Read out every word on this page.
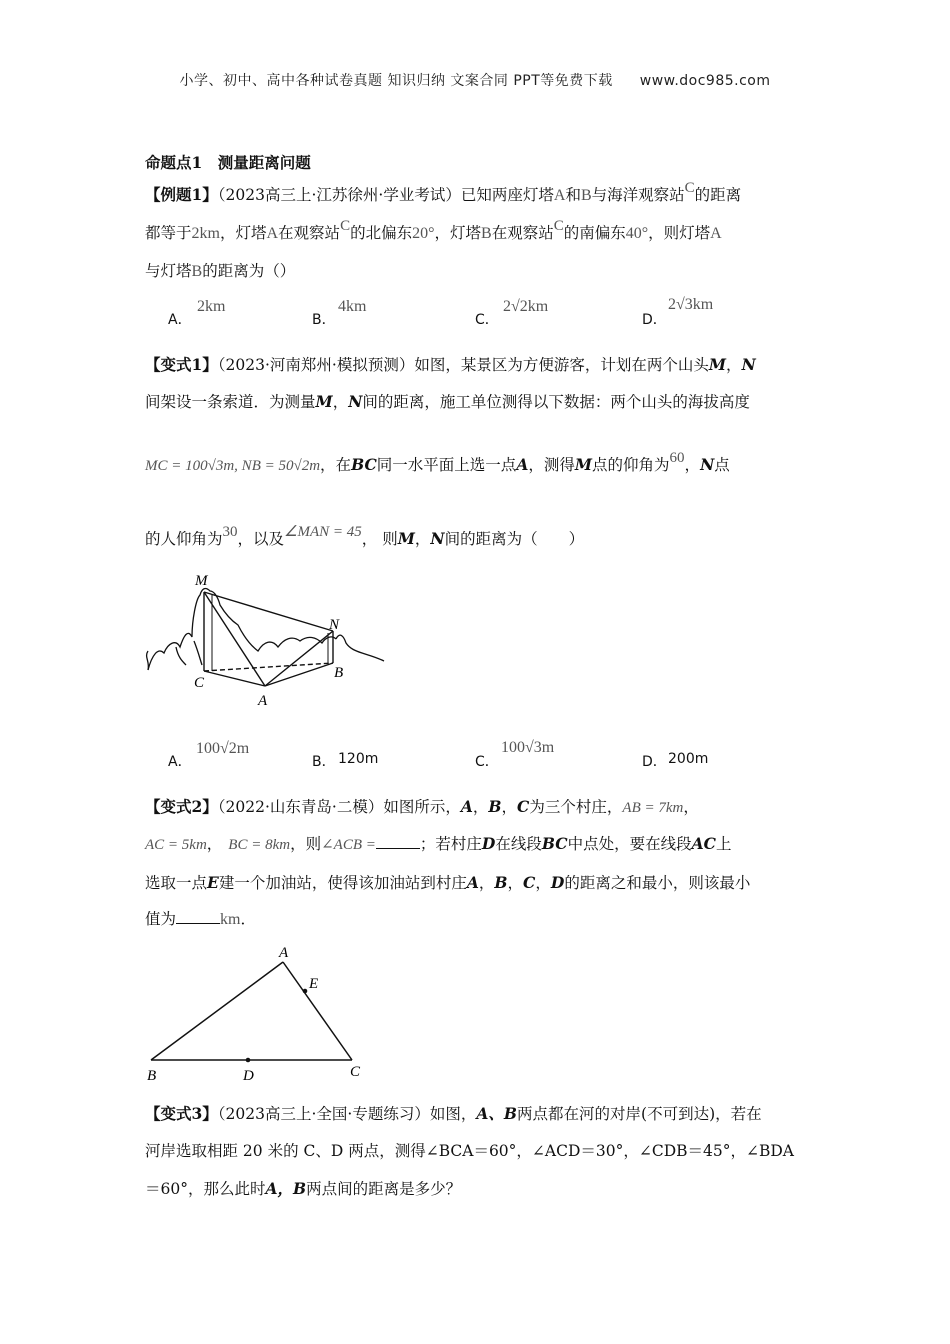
小学、初中、高中各种试卷真题 知识归纳 文案合同 PPT等免费下载 www.doc985.com
命题点1　测量距离问题
【例题1】（2023高三上·江苏徐州·学业考试）已知两座灯塔A和B与海洋观察站C的距离
都等于2km，灯塔A在观察站C的北偏东20°，灯塔B在观察站C的南偏东40°，则灯塔A
与灯塔B的距离为（）
A．
2km
B．
4km
C．
2√2km
D．
2√3km
【变式1】（2023·河南郑州·模拟预测）如图，某景区为方便游客，计划在两个山头M，N
间架设一条索道．为测量M，N间的距离，施工单位测得以下数据：两个山头的海拔高度
MC = 100√3m, NB = 50√2m，在BC同一水平面上选一点A，测得M点的仰角为60，N点
的人仰角为30，以及∠MAN = 45， 则M，N间的距离为（　　）
M
N
C
B
A
A．
100√2m
B． 120m	C．
100√3m
D． 200m
【变式2】（2022·山东青岛·二模）如图所示，A，B，C为三个村庄，AB = 7km，
AC = 5km， BC = 8km，则∠ACB =	；若村庄D在线段BC中点处，要在线段AC上
选取一点E建一个加油站，使得该加油站到村庄A，B，C，D的距离之和最小，则该最小
值为	km．
A
E
B	D	C
【变式3】（2023高三上·全国·专题练习）如图，A、B两点都在河的对岸(不可到达)，若在
河岸选取相距 20 米的 C、D 两点，测得∠BCA＝60°，∠ACD＝30°，∠CDB＝45°，∠BDA
＝60°，那么此时A，B两点间的距离是多少？
